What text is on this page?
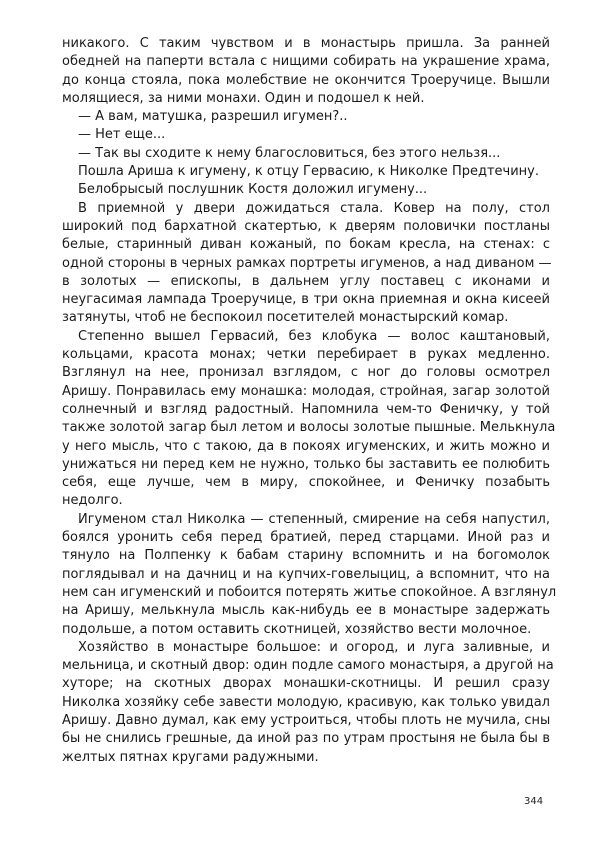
никакого. С таким чувством и в монастырь пришла. За ранней
обедней на паперти встала с нищими собирать на украшение храма,
до конца стояла, пока молебствие не окончится Троеручице. Вышли
молящиеся, за ними монахи. Один и подошел к ней.
— А вам, матушка, разрешил игумен?..
— Нет еще...
— Так вы сходите к нему благословиться, без этого нельзя...
Пошла Ариша к игумену, к отцу Гервасию, к Николке Предтечину.
Белобрысый послушник Костя доложил игумену...
В приемной у двери дожидаться стала. Ковер на полу, стол
широкий под бархатной скатертью, к дверям половички постланы
белые, старинный диван кожаный, по бокам кресла, на стенах: с
одной стороны в черных рамках портреты игуменов, а над диваном —
в золотых — епископы, в дальнем углу поставец с иконами и
неугасимая лампада Троеручице, в три окна приемная и окна кисеей
затянуты, чтоб не беспокоил посетителей монастырский комар.
Степенно вышел Гервасий, без клобука — волос каштановый,
кольцами, красота монах; четки перебирает в руках медленно.
Взглянул на нее, пронизал взглядом, с ног до головы осмотрел
Аришу. Понравилась ему монашка: молодая, стройная, загар золотой
солнечный и взгляд радостный. Напомнила чем-то Феничку, у той
также золотой загар был летом и волосы золотые пышные. Мелькнула
у него мысль, что с такою, да в покоях игуменских, и жить можно и
унижаться ни перед кем не нужно, только бы заставить ее полюбить
себя, еще лучше, чем в миру, спокойнее, и Феничку позабыть
недолго.
Игуменом стал Николка — степенный, смирение на себя напустил,
боялся уронить себя перед братией, перед старцами. Иной раз и
тянуло на Полпенку к бабам старину вспомнить и на богомолок
поглядывал и на дачниц и на купчих-говелыциц, а вспомнит, что на
нем сан игуменский и побоится потерять житье спокойное. А взглянул
на Аришу, мелькнула мысль как-нибудь ее в монастыре задержать
подольше, а потом оставить скотницей, хозяйство вести молочное.
Хозяйство в монастыре большое: и огород, и луга заливные, и
мельница, и скотный двор: один подле самого монастыря, а другой на
хуторе; на скотных дворах монашки-скотницы. И решил сразу
Николка хозяйку себе завести молодую, красивую, как только увидал
Аришу. Давно думал, как ему устроиться, чтобы плоть не мучила, сны
бы не снились грешные, да иной раз по утрам простыня не была бы в
желтых пятнах кругами радужными.
344
